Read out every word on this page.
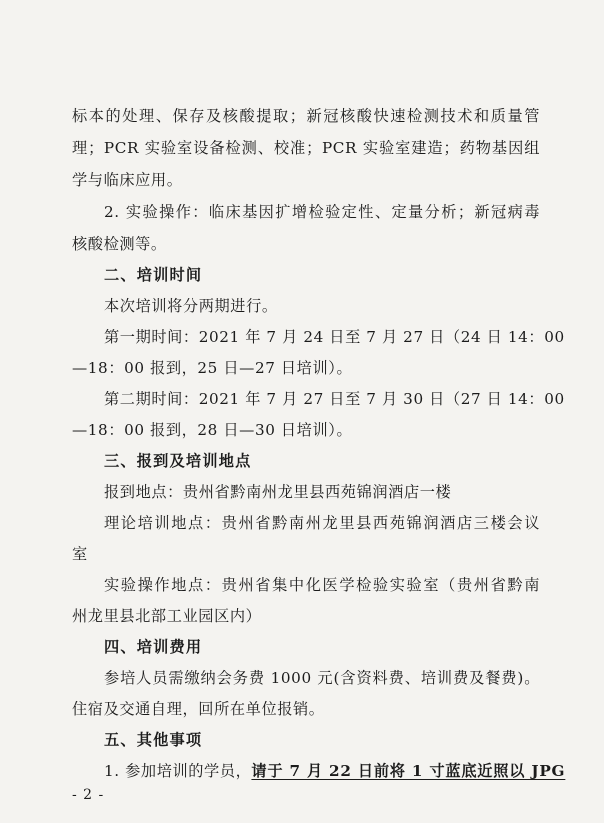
标本的处理、保存及核酸提取；新冠核酸快速检测技术和质量管
理；PCR 实验室设备检测、校准；PCR 实验室建造；药物基因组
学与临床应用。
2. 实验操作：临床基因扩增检验定性、定量分析；新冠病毒
核酸检测等。
二、培训时间
本次培训将分两期进行。
第一期时间：2021 年 7 月 24 日至 7 月 27 日（24 日 14：00
—18：00 报到，25 日—27 日培训）。
第二期时间：2021 年 7 月 27 日至 7 月 30 日（27 日 14：00
—18：00 报到，28 日—30 日培训）。
三、报到及培训地点
报到地点：贵州省黔南州龙里县西苑锦润酒店一楼
理论培训地点：贵州省黔南州龙里县西苑锦润酒店三楼会议
室
实验操作地点：贵州省集中化医学检验实验室（贵州省黔南
州龙里县北部工业园区内）
四、培训费用
参培人员需缴纳会务费 1000 元(含资料费、培训费及餐费)。
住宿及交通自理，回所在单位报销。
五、其他事项
1. 参加培训的学员，请于 7 月 22 日前将 1 寸蓝底近照以 JPG
- 2 -
